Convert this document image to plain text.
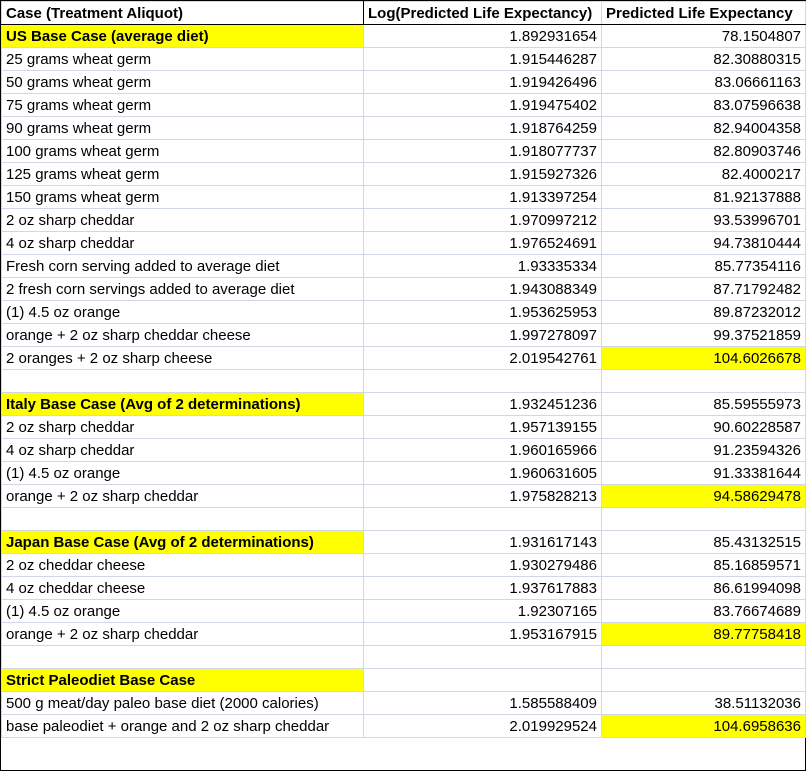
Case (Treatment Aliquot)	Log(Predicted Life Expectancy)	Predicted Life Expectancy
US Base Case (average diet)	1.892931654	78.1504807
25 grams wheat germ	1.915446287	82.30880315
50 grams wheat germ	1.919426496	83.06661163
75 grams wheat germ	1.919475402	83.07596638
90 grams wheat germ	1.918764259	82.94004358
100 grams wheat germ	1.918077737	82.80903746
125 grams wheat germ	1.915927326	82.4000217
150 grams wheat germ	1.913397254	81.92137888
2 oz sharp cheddar	1.970997212	93.53996701
4 oz sharp cheddar	1.976524691	94.73810444
Fresh corn serving added to average diet	1.93335334	85.77354116
2 fresh corn servings added to average diet	1.943088349	87.71792482
(1) 4.5 oz orange	1.953625953	89.87232012
orange + 2 oz sharp cheddar cheese	1.997278097	99.37521859
2 oranges + 2 oz sharp cheese	2.019542761	104.6026678

Italy Base Case (Avg of 2 determinations)	1.932451236	85.59555973
2 oz sharp cheddar	1.957139155	90.60228587
4 oz sharp cheddar	1.960165966	91.23594326
(1) 4.5 oz orange	1.960631605	91.33381644
orange + 2 oz sharp cheddar	1.975828213	94.58629478

Japan Base Case (Avg of 2 determinations)	1.931617143	85.43132515
2 oz cheddar cheese	1.930279486	85.16859571
4 oz cheddar cheese	1.937617883	86.61994098
(1) 4.5 oz orange	1.92307165	83.76674689
orange + 2 oz sharp cheddar	1.953167915	89.77758418

Strict Paleodiet Base Case		
500 g meat/day paleo base diet (2000 calories)	1.585588409	38.51132036
base paleodiet + orange and 2 oz sharp cheddar	2.019929524	104.6958636
